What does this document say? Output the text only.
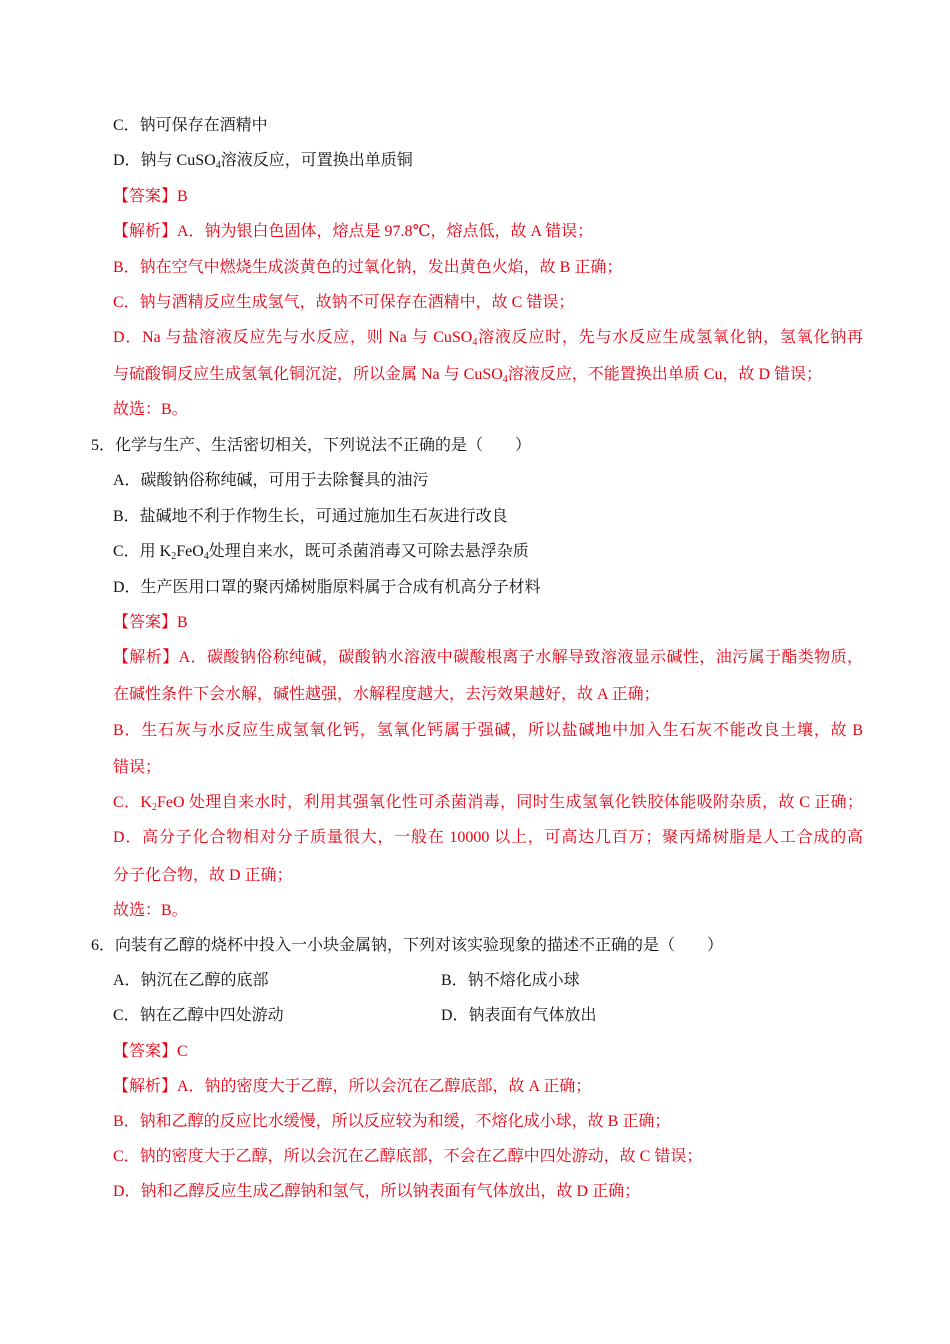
C．钠可保存在酒精中
D．钠与 CuSO$_4$溶液反应，可置换出单质铜
【答案】B
【解析】A．钠为银白色固体，熔点是 97.8℃，熔点低，故 A 错误；
B．钠在空气中燃烧生成淡黄色的过氧化钠，发出黄色火焰，故 B 正确；
C．钠与酒精反应生成氢气，故钠不可保存在酒精中，故 C 错误；
D．Na 与盐溶液反应先与水反应，则 Na 与 CuSO$_4$溶液反应时，先与水反应生成氢氧化钠，氢氧化钠再
与硫酸铜反应生成氢氧化铜沉淀，所以金属 Na 与 CuSO$_4$溶液反应，不能置换出单质 Cu，故 D 错误；
故选：B。
5．化学与生产、生活密切相关，下列说法不正确的是（　　）
A．碳酸钠俗称纯碱，可用于去除餐具的油污
B．盐碱地不利于作物生长，可通过施加生石灰进行改良
C．用 $K_2FeO_4$处理自来水，既可杀菌消毒又可除去悬浮杂质
D．生产医用口罩的聚丙烯树脂原料属于合成有机高分子材料
【答案】B
【解析】A．碳酸钠俗称纯碱，碳酸钠水溶液中碳酸根离子水解导致溶液显示碱性，油污属于酯类物质，
在碱性条件下会水解，碱性越强，水解程度越大，去污效果越好，故 A 正确；
B．生石灰与水反应生成氢氧化钙，氢氧化钙属于强碱，所以盐碱地中加入生石灰不能改良土壤，故 B
错误；
C．$K_2FeO$ 处理自来水时，利用其强氧化性可杀菌消毒，同时生成氢氧化铁胶体能吸附杂质，故 C 正确；
D．高分子化合物相对分子质量很大，一般在 10000 以上，可高达几百万；聚丙烯树脂是人工合成的高
分子化合物，故 D 正确；
故选：B。
6．向装有乙醇的烧杯中投入一小块金属钠，下列对该实验现象的描述不正确的是（　　）
A．钠沉在乙醇的底部	B．钠不熔化成小球
C．钠在乙醇中四处游动	D．钠表面有气体放出
【答案】C
【解析】A．钠的密度大于乙醇，所以会沉在乙醇底部，故 A 正确；
B．钠和乙醇的反应比水缓慢，所以反应较为和缓，不熔化成小球，故 B 正确；
C．钠的密度大于乙醇，所以会沉在乙醇底部，不会在乙醇中四处游动，故 C 错误；
D．钠和乙醇反应生成乙醇钠和氢气，所以钠表面有气体放出，故 D 正确；
